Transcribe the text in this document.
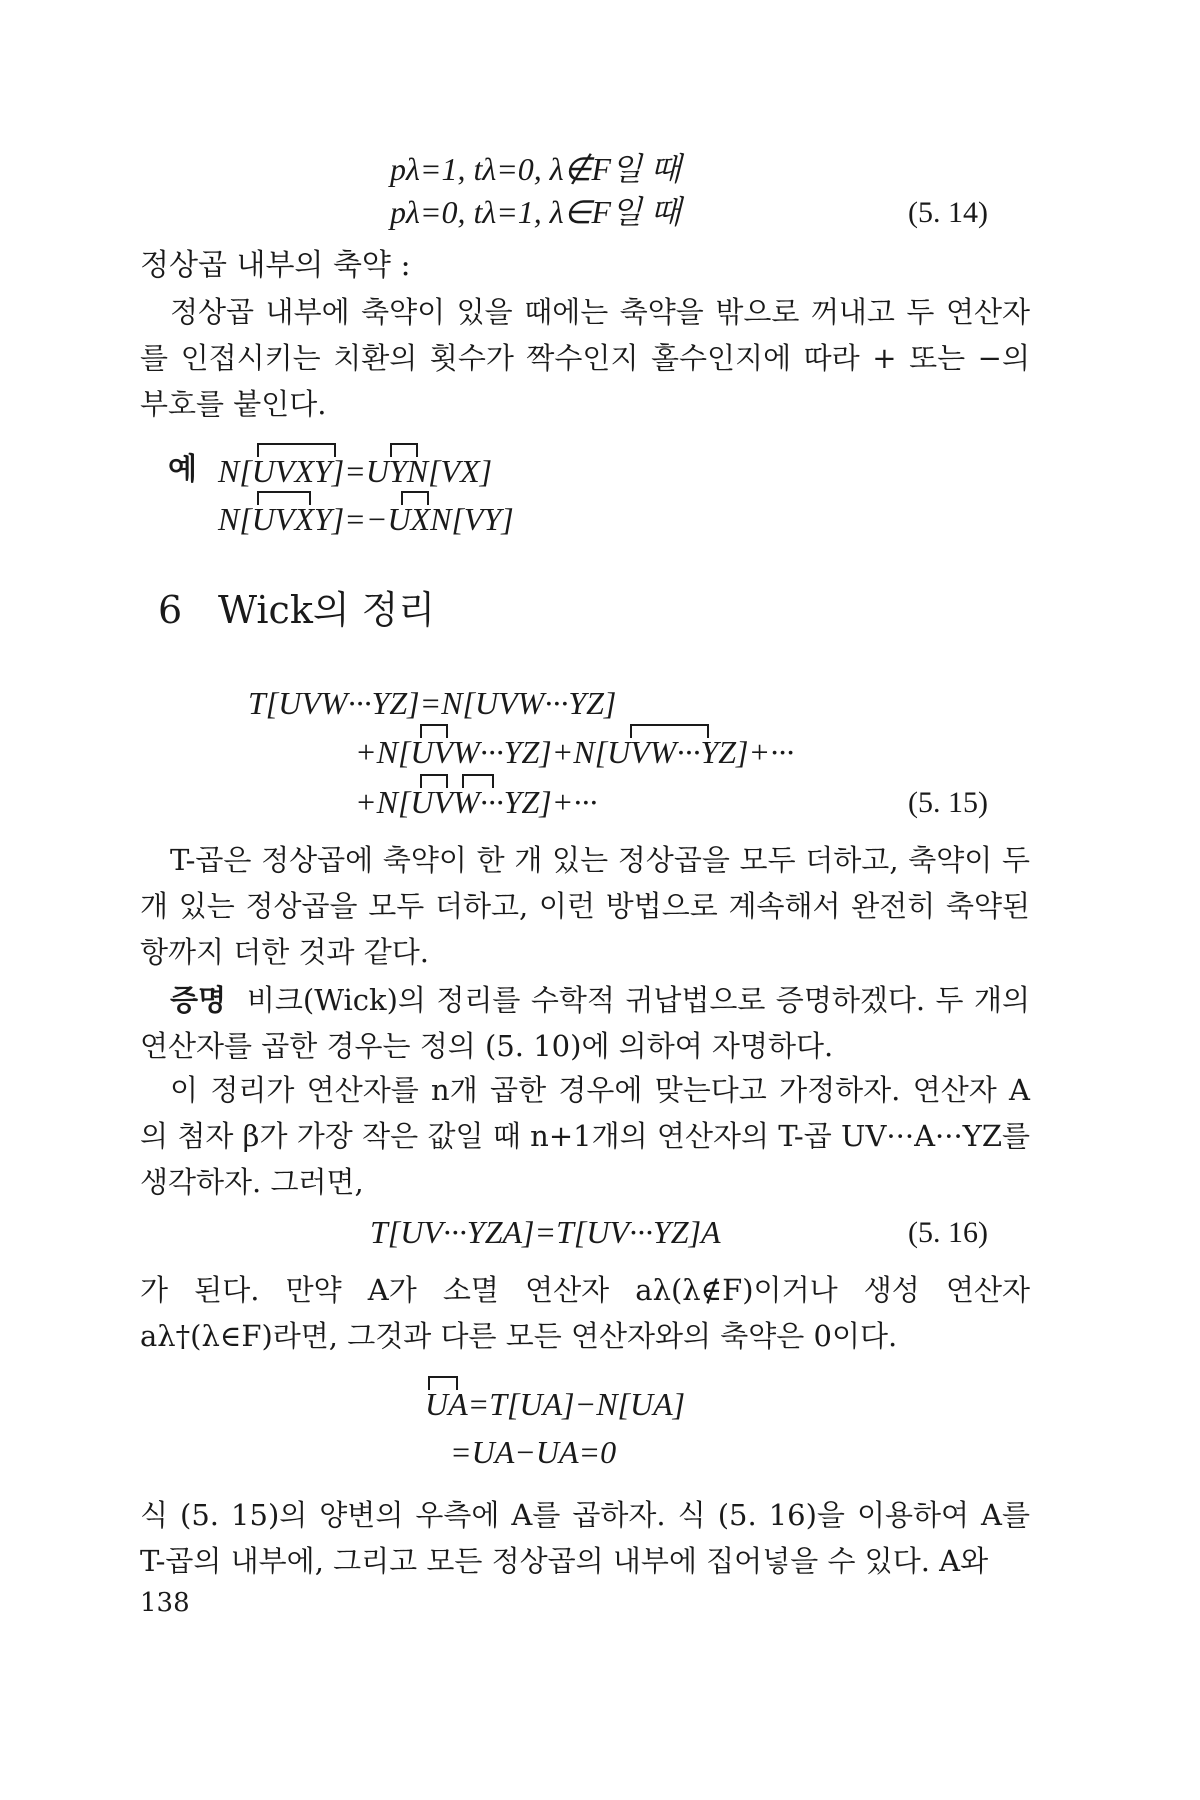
pλ=1, tλ=0, λ∉F일 때
pλ=0, tλ=1, λ∈F일 때	(5. 14)
정상곱 내부의 축약 :
정상곱 내부에 축약이 있을 때에는 축약을 밖으로 꺼내고 두 연산자를 인접시키는 치환의 횟수가 짝수인지 홀수인지에 따라 + 또는 −의 부호를 붙인다.
예 N[UVXY]=UYN[VX]
N[UVXY]=−UXN[VY]
6 Wick의 정리
T[UVW···YZ]=N[UVW···YZ]
+N[UVW···YZ]+N[UVW···YZ]+···
+N[UVW···YZ]+···	(5. 15)
T-곱은 정상곱에 축약이 한 개 있는 정상곱을 모두 더하고, 축약이 두 개 있는 정상곱을 모두 더하고, 이런 방법으로 계속해서 완전히 축약된 항까지 더한 것과 같다.
증명 비크(Wick)의 정리를 수학적 귀납법으로 증명하겠다. 두 개의 연산자를 곱한 경우는 정의 (5. 10)에 의하여 자명하다.
이 정리가 연산자를 n개 곱한 경우에 맞는다고 가정하자. 연산자 A의 첨자 β가 가장 작은 값일 때 n+1개의 연산자의 T-곱 UV···A···YZ를 생각하자. 그러면,
T[UV···YZA]=T[UV···YZ]A	(5. 16)
가 된다. 만약 A가 소멸 연산자 aλ(λ∉F)이거나 생성 연산자 aλ†(λ∈F)라면, 그것과 다른 모든 연산자와의 축약은 0이다.
UA=T[UA]−N[UA]
=UA−UA=0
식 (5. 15)의 양변의 우측에 A를 곱하자. 식 (5. 16)을 이용하여 A를 T-곱의 내부에, 그리고 모든 정상곱의 내부에 집어넣을 수 있다. A와
138
